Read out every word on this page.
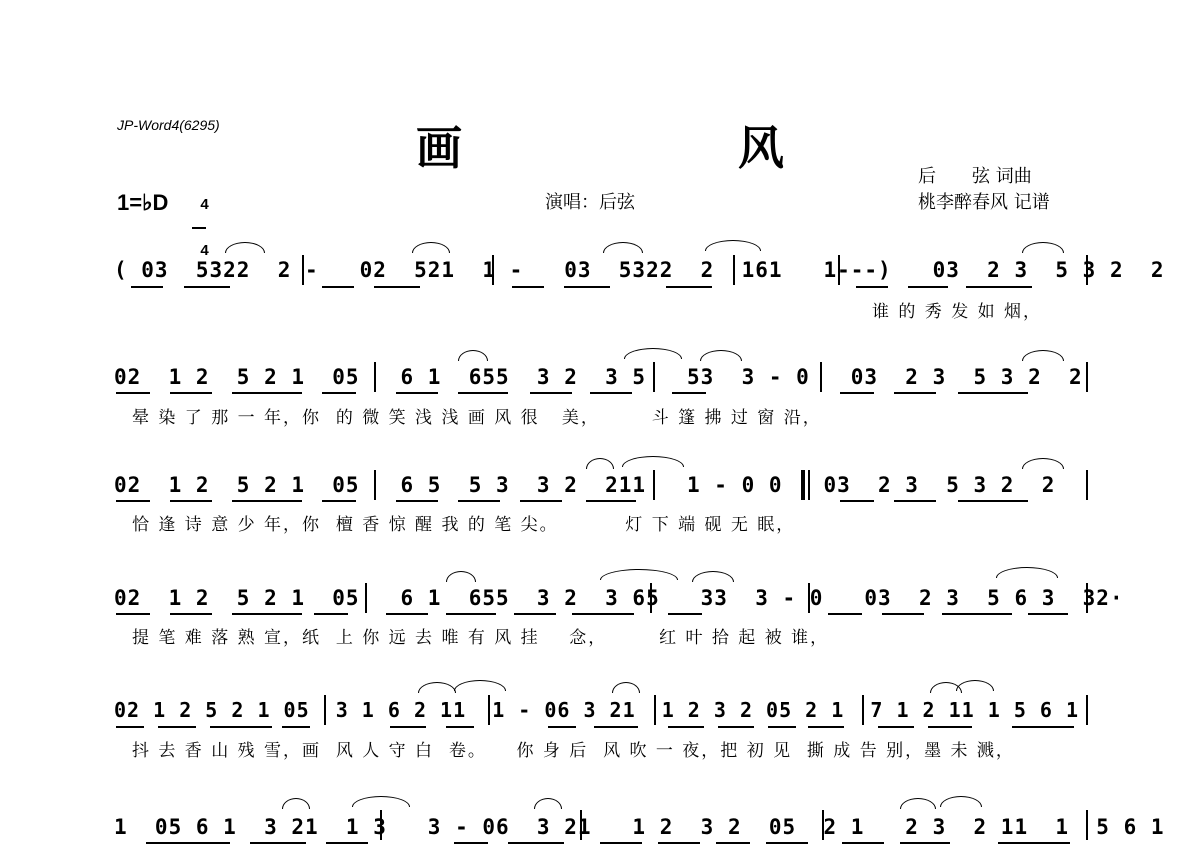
JP-Word4(6295)	画 风
后　　弦 词曲
桃李醉春风 记谱
演唱：后弦
1=♭D	4

4

( 03  5322  2 -   02  521  1 -   03  5322  2  161   1---)   03  2 3  5 3 2  2
谁 的 秀 发 如 烟，
02  1 2  5 2 1  05   6 1  655  3 2  3 5   53  3 - 0   03  2 3  5 3 2  2
晕 染 了 那 一 年，你  的 微 笑 浅 浅 画 风 很   美，       斗 篷 拂 过 窗 沿，
02  1 2  5 2 1  05   6 5  5 3  3 2  211   1 - 0 0   03  2 3  5 3 2  2
恰 逢 诗 意 少 年，你  檀 香 惊 醒 我 的 笔 尖。         灯 下 端 砚 无 眠，
02  1 2  5 2 1  05   6 1  655  3 2  3 65   33  3 - 0   03  2 3  5 6 3  32·
提 笔 难 落 熟 宣，纸  上 你 远 去 唯 有 风 挂    念，       红 叶 拾 起 被 谁，
02 1 2 5 2 1 05  3 1 6 2 11  1 - 06 3 21  1 2 3 2 05 2 1  7 1 2 11 1 5 6 1
抖 去 香 山 残 雪，画  风 人 守 白  卷。    你 身 后  风 吹 一 夜，把 初 见  撕 成 告 别，墨 未 溅，
1  05 6 1  3 21  1 3   3 - 06  3 21   1 2  3 2  05  2 1   2 3  2 11  1  5 6 1
